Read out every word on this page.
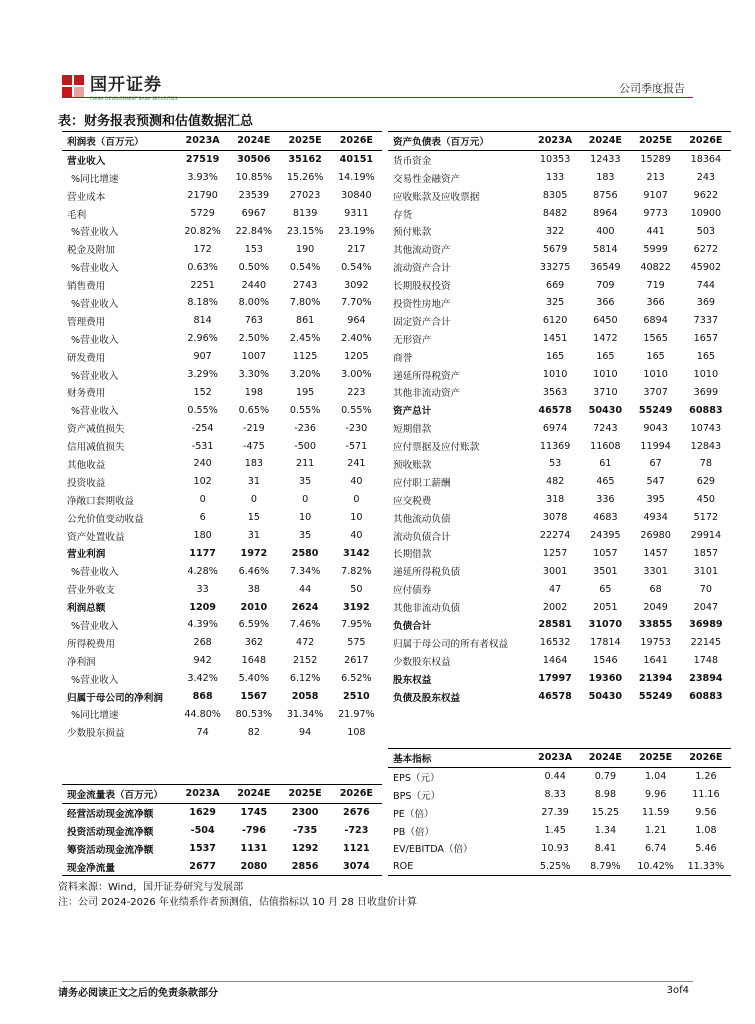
国开证券
CHINA DEVELOPMENT BANK SECURITIES
公司季度报告
表：财务报表预测和估值数据汇总
利润表（百万元）	2023A	2024E	2025E	2026E
营业收入	27519	30506	35162	40151
%同比增速	3.93%	10.85%	15.26%	14.19%
营业成本	21790	23539	27023	30840
毛利	5729	6967	8139	9311
%营业收入	20.82%	22.84%	23.15%	23.19%
税金及附加	172	153	190	217
%营业收入	0.63%	0.50%	0.54%	0.54%
销售费用	2251	2440	2743	3092
%营业收入	8.18%	8.00%	7.80%	7.70%
管理费用	814	763	861	964
%营业收入	2.96%	2.50%	2.45%	2.40%
研发费用	907	1007	1125	1205
%营业收入	3.29%	3.30%	3.20%	3.00%
财务费用	152	198	195	223
%营业收入	0.55%	0.65%	0.55%	0.55%
资产减值损失	-254	-219	-236	-230
信用减值损失	-531	-475	-500	-571
其他收益	240	183	211	241
投资收益	102	31	35	40
净敞口套期收益	0	0	0	0
公允价值变动收益	6	15	10	10
资产处置收益	180	31	35	40
营业利润	1177	1972	2580	3142
%营业收入	4.28%	6.46%	7.34%	7.82%
营业外收支	33	38	44	50
利润总额	1209	2010	2624	3192
%营业收入	4.39%	6.59%	7.46%	7.95%
所得税费用	268	362	472	575
净利润	942	1648	2152	2617
%营业收入	3.42%	5.40%	6.12%	6.52%
归属于母公司的净利润	868	1567	2058	2510
%同比增速	44.80%	80.53%	31.34%	21.97%
少数股东损益	74	82	94	108
资产负债表（百万元）	2023A	2024E	2025E	2026E
货币资金	10353	12433	15289	18364
交易性金融资产	133	183	213	243
应收账款及应收票据	8305	8756	9107	9622
存货	8482	8964	9773	10900
预付账款	322	400	441	503
其他流动资产	5679	5814	5999	6272
流动资产合计	33275	36549	40822	45902
长期股权投资	669	709	719	744
投资性房地产	325	366	366	369
固定资产合计	6120	6450	6894	7337
无形资产	1451	1472	1565	1657
商誉	165	165	165	165
递延所得税资产	1010	1010	1010	1010
其他非流动资产	3563	3710	3707	3699
资产总计	46578	50430	55249	60883
短期借款	6974	7243	9043	10743
应付票据及应付账款	11369	11608	11994	12843
预收账款	53	61	67	78
应付职工薪酬	482	465	547	629
应交税费	318	336	395	450
其他流动负债	3078	4683	4934	5172
流动负债合计	22274	24395	26980	29914
长期借款	1257	1057	1457	1857
递延所得税负债	3001	3501	3301	3101
应付债券	47	65	68	70
其他非流动负债	2002	2051	2049	2047
负债合计	28581	31070	33855	36989
归属于母公司的所有者权益	16532	17814	19753	22145
少数股东权益	1464	1546	1641	1748
股东权益	17997	19360	21394	23894
负债及股东权益	46578	50430	55249	60883
基本指标	2023A	2024E	2025E	2026E
EPS（元）	0.44	0.79	1.04	1.26
BPS（元）	8.33	8.98	9.96	11.16
PE（倍）	27.39	15.25	11.59	9.56
PB（倍）	1.45	1.34	1.21	1.08
EV/EBITDA（倍）	10.93	8.41	6.74	5.46
ROE	5.25%	8.79%	10.42%	11.33%
现金流量表（百万元）	2023A	2024E	2025E	2026E
经营活动现金流净额	1629	1745	2300	2676
投资活动现金流净额	-504	-796	-735	-723
筹资活动现金流净额	1537	1131	1292	1121
现金净流量	2677	2080	2856	3074
资料来源：Wind，国开证券研究与发展部
注：公司 2024-2026 年业绩系作者预测值，估值指标以 10 月 28 日收盘价计算
请务必阅读正文之后的免责条款部分	3of4
